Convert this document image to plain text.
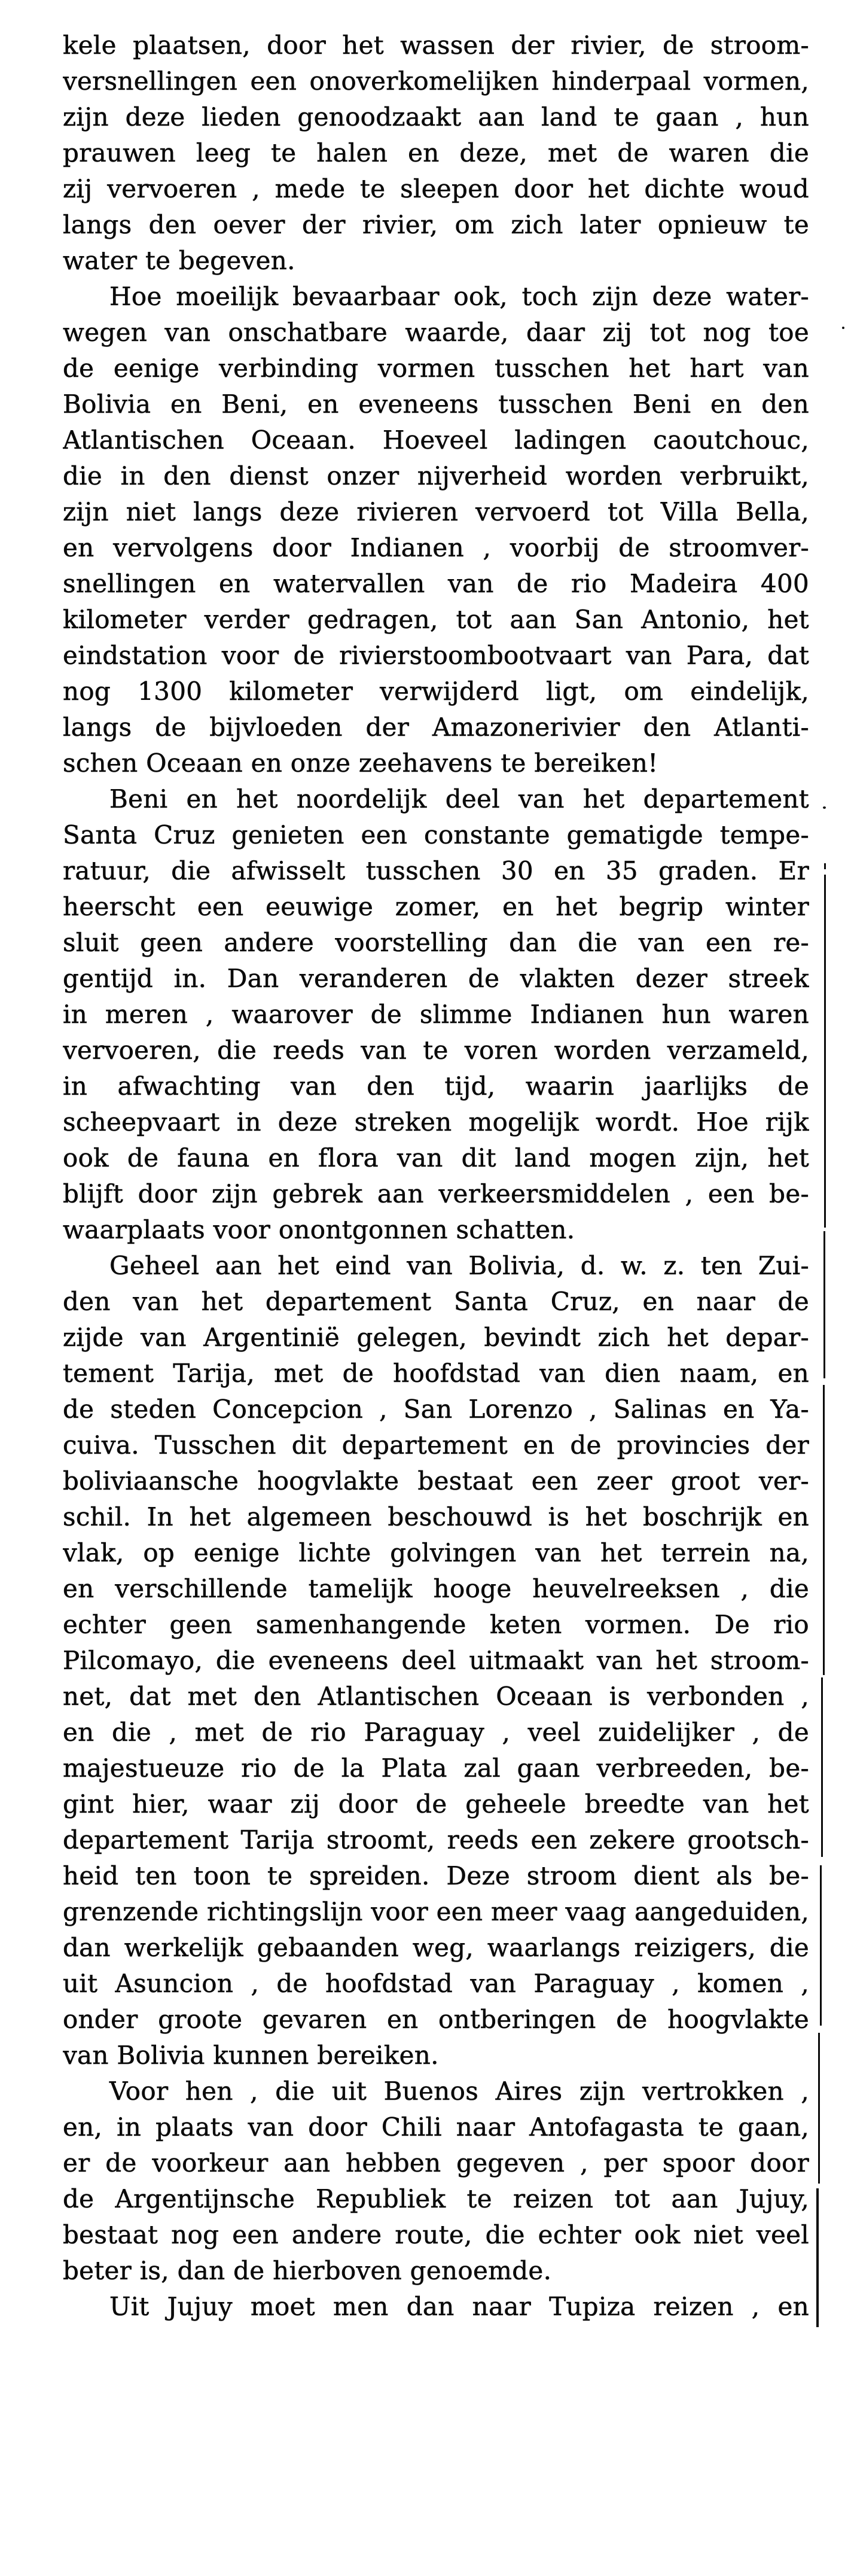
kele plaatsen, door het wassen der rivier, de stroom-
versnellingen een onoverkomelijken hinderpaal vormen,
zijn deze lieden genoodzaakt aan land te gaan , hun
prauwen leeg te halen en deze, met de waren die
zij vervoeren , mede te sleepen door het dichte woud
langs den oever der rivier, om zich later opnieuw te
water te begeven.
Hoe moeilijk bevaarbaar ook, toch zijn deze water-
wegen van onschatbare waarde, daar zij tot nog toe
de eenige verbinding vormen tusschen het hart van
Bolivia en Beni, en eveneens tusschen Beni en den
Atlantischen Oceaan. Hoeveel ladingen caoutchouc,
die in den dienst onzer nijverheid worden verbruikt,
zijn niet langs deze rivieren vervoerd tot Villa Bella,
en vervolgens door Indianen , voorbij de stroomver-
snellingen en watervallen van de rio Madeira 400
kilometer verder gedragen, tot aan San Antonio, het
eindstation voor de rivierstoombootvaart van Para, dat
nog 1300 kilometer verwijderd ligt, om eindelijk,
langs de bijvloeden der Amazonerivier den Atlanti-
schen Oceaan en onze zeehavens te bereiken!
Beni en het noordelijk deel van het departement
Santa Cruz genieten een constante gematigde tempe-
ratuur, die afwisselt tusschen 30 en 35 graden. Er
heerscht een eeuwige zomer, en het begrip winter
sluit geen andere voorstelling dan die van een re-
gentijd in. Dan veranderen de vlakten dezer streek
in meren , waarover de slimme Indianen hun waren
vervoeren, die reeds van te voren worden verzameld,
in afwachting van den tijd, waarin jaarlijks de
scheepvaart in deze streken mogelijk wordt. Hoe rijk
ook de fauna en flora van dit land mogen zijn, het
blijft door zijn gebrek aan verkeersmiddelen , een be-
waarplaats voor onontgonnen schatten.
Geheel aan het eind van Bolivia, d. w. z. ten Zui-
den van het departement Santa Cruz, en naar de
zijde van Argentinië gelegen, bevindt zich het depar-
tement Tarija, met de hoofdstad van dien naam, en
de steden Concepcion , San Lorenzo , Salinas en Ya-
cuiva. Tusschen dit departement en de provincies der
boliviaansche hoogvlakte bestaat een zeer groot ver-
schil. In het algemeen beschouwd is het boschrijk en
vlak, op eenige lichte golvingen van het terrein na,
en verschillende tamelijk hooge heuvelreeksen , die
echter geen samenhangende keten vormen. De rio
Pilcomayo, die eveneens deel uitmaakt van het stroom-
net, dat met den Atlantischen Oceaan is verbonden ,
en die , met de rio Paraguay , veel zuidelijker , de
majestueuze rio de la Plata zal gaan verbreeden, be-
gint hier, waar zij door de geheele breedte van het
departement Tarija stroomt, reeds een zekere grootsch-
heid ten toon te spreiden. Deze stroom dient als be-
grenzende richtingslijn voor een meer vaag aangeduiden,
dan werkelijk gebaanden weg, waarlangs reizigers, die
uit Asuncion , de hoofdstad van Paraguay , komen ,
onder groote gevaren en ontberingen de hoogvlakte
van Bolivia kunnen bereiken.
Voor hen , die uit Buenos Aires zijn vertrokken ,
en, in plaats van door Chili naar Antofagasta te gaan,
er de voorkeur aan hebben gegeven , per spoor door
de Argentijnsche Republiek te reizen tot aan Jujuy,
bestaat nog een andere route, die echter ook niet veel
beter is, dan de hierboven genoemde.
Uit Jujuy moet men dan naar Tupiza reizen , en
